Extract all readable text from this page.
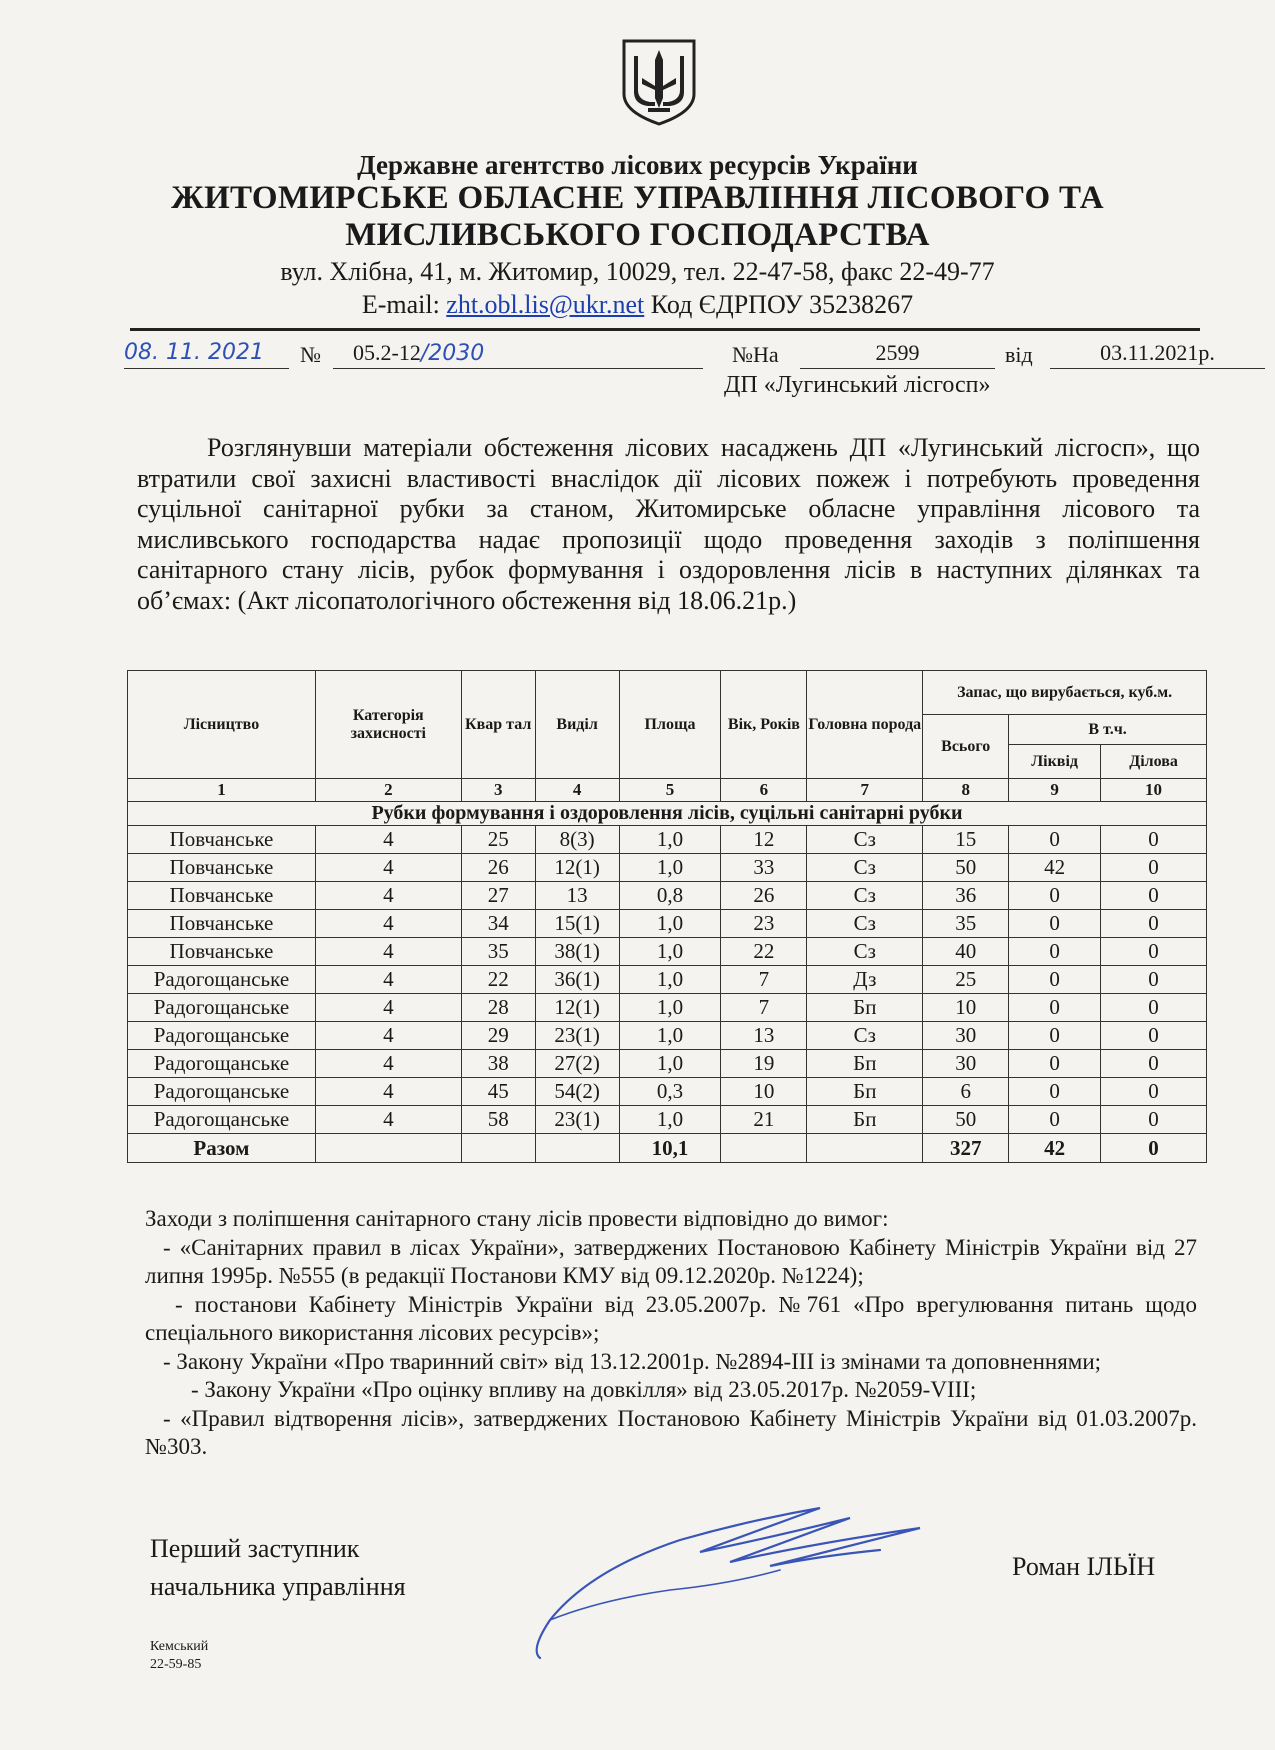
Державне агентство лісових ресурсів України
ЖИТОМИРСЬКЕ ОБЛАСНЕ УПРАВЛІННЯ ЛІСОВОГО ТА
МИСЛИВСЬКОГО ГОСПОДАРСТВА
вул. Хлібна, 41, м. Житомир, 10029, тел. 22-47-58, факс 22-49-77
E-mail: zht.obl.lis@ukr.net Код ЄДРПОУ 35238267
08. 11. 2021	№	05.2-12/2030	№На	2599	від	03.11.2021р.
ДП «Лугинський лісгосп»
Розглянувши матеріали обстеження лісових насаджень ДП «Лугинський лісгосп», що втратили свої захисні властивості внаслідок дії лісових пожеж і потребують проведення суцільної санітарної рубки за станом, Житомирське обласне управління лісового та мисливського господарства надає пропозиції щодо проведення заходів з поліпшення санітарного стану лісів, рубок формування і оздоровлення лісів в наступних ділянках та об’ємах: (Акт лісопатологічного обстеження від 18.06.21р.)
Лісництво	Категорія захисності	Квар тал	Виділ	Площа	Вік, Років	Головна порода	Запас, що вирубається, куб.м.		
							Всього	В т.ч.	
								Ліквід	Ділова
1	2	3	4	5	6	7	8	9	10
Рубки формування і оздоровлення лісів, суцільні санітарні рубки									
Повчанське	4	25	8(3)	1,0	12	Сз	15	0	0
Повчанське	4	26	12(1)	1,0	33	Сз	50	42	0
Повчанське	4	27	13	0,8	26	Сз	36	0	0
Повчанське	4	34	15(1)	1,0	23	Сз	35	0	0
Повчанське	4	35	38(1)	1,0	22	Сз	40	0	0
Радогощанське	4	22	36(1)	1,0	7	Дз	25	0	0
Радогощанське	4	28	12(1)	1,0	7	Бп	10	0	0
Радогощанське	4	29	23(1)	1,0	13	Сз	30	0	0
Радогощанське	4	38	27(2)	1,0	19	Бп	30	0	0
Радогощанське	4	45	54(2)	0,3	10	Бп	6	0	0
Радогощанське	4	58	23(1)	1,0	21	Бп	50	0	0
Разом				10,1			327	42	0

Заходи з поліпшення санітарного стану лісів провести відповідно до вимог:

- «Санітарних правил в лісах України», затверджених Постановою Кабінету Міністрів України від 27 липня 1995р. №555 (в редакції Постанови КМУ від 09.12.2020р. №1224);

- постанови Кабінету Міністрів України від 23.05.2007р. №761 «Про врегулювання питань щодо спеціального використання лісових ресурсів»;

- Закону України «Про тваринний світ» від 13.12.2001р. №2894-ІІІ із змінами та доповненнями;

- Закону України «Про оцінку впливу на довкілля» від 23.05.2017р. №2059-VIII;

- «Правил відтворення лісів», затверджених Постановою Кабінету Міністрів України від 01.03.2007р. №303.

Перший заступник
начальника управління
Роман ІЛЬЇН
Кемський
22-59-85
